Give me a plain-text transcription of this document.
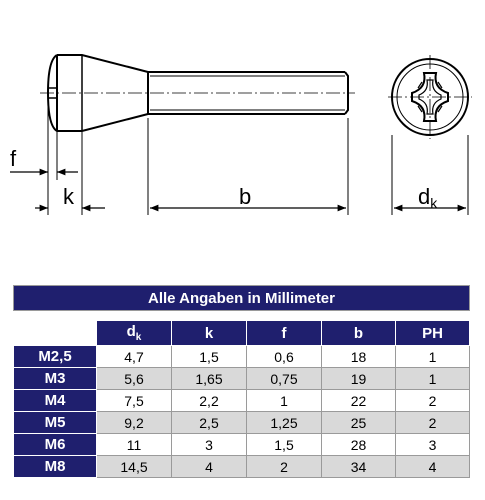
f
k	b	dk
Alle Angaben in Millimeter					

	$d_k$	k	f	b	PH
M2,5	4,7	1,5	0,6	18	1
M3	5,6	1,65	0,75	19	1
M4	7,5	2,2	1	22	2
M5	9,2	2,5	1,25	25	2
M6	11	3	1,5	28	3
M8	14,5	4	2	34	4
